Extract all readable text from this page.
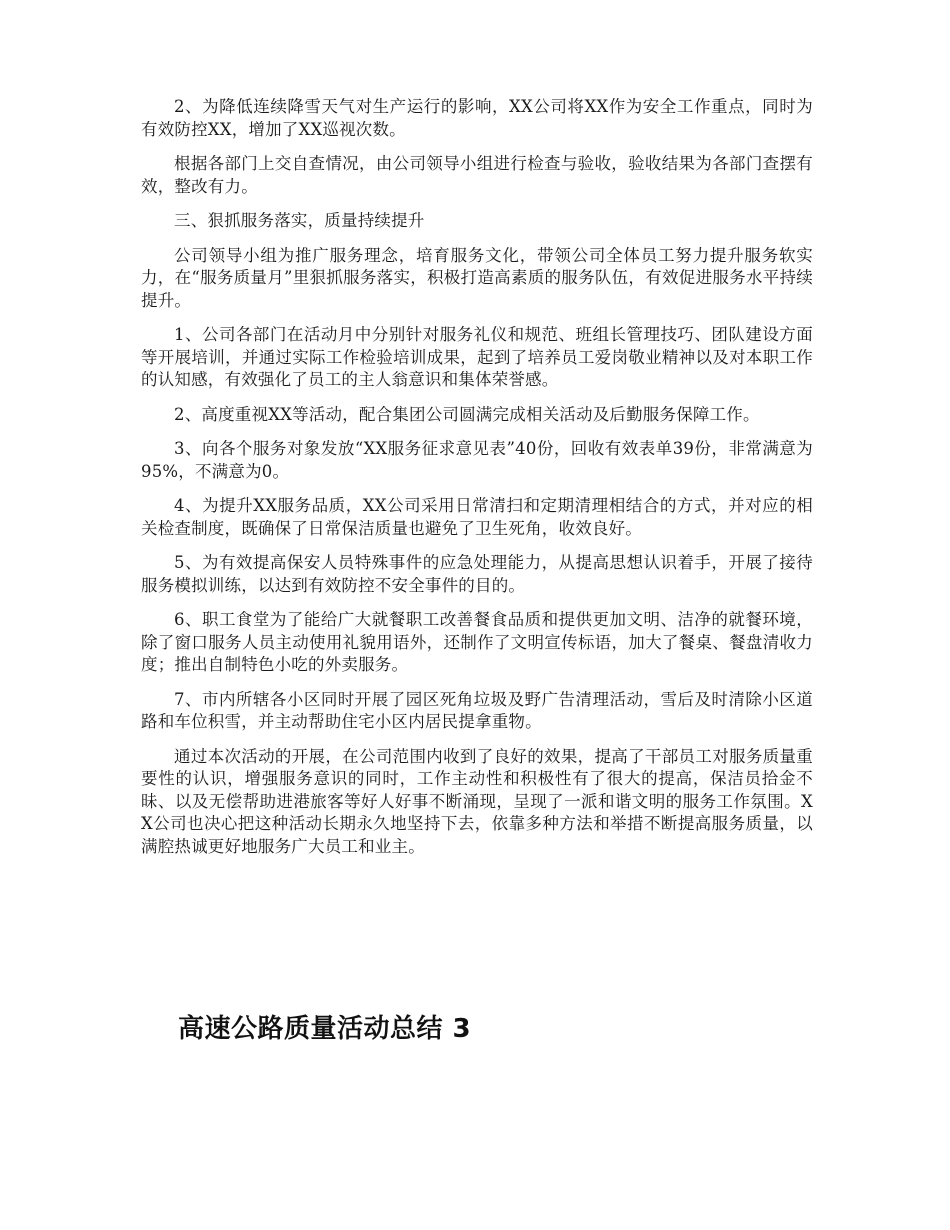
2、为降低连续降雪天气对生产运行的影响，XX公司将XX作为安全工作重点，同时为有效防控XX，增加了XX巡视次数。

根据各部门上交自查情况，由公司领导小组进行检查与验收，验收结果为各部门查摆有效，整改有力。

三、狠抓服务落实，质量持续提升

公司领导小组为推广服务理念，培育服务文化，带领公司全体员工努力提升服务软实力，在“服务质量月”里狠抓服务落实，积极打造高素质的服务队伍，有效促进服务水平持续提升。

1、公司各部门在活动月中分别针对服务礼仪和规范、班组长管理技巧、团队建设方面等开展培训，并通过实际工作检验培训成果，起到了培养员工爱岗敬业精神以及对本职工作的认知感，有效强化了员工的主人翁意识和集体荣誉感。

2、高度重视XX等活动，配合集团公司圆满完成相关活动及后勤服务保障工作。

3、向各个服务对象发放“XX服务征求意见表”40份，回收有效表单39份，非常满意为95%，不满意为0。

4、为提升XX服务品质，XX公司采用日常清扫和定期清理相结合的方式，并对应的相关检查制度，既确保了日常保洁质量也避免了卫生死角，收效良好。

5、为有效提高保安人员特殊事件的应急处理能力，从提高思想认识着手，开展了接待服务模拟训练，以达到有效防控不安全事件的目的。

6、职工食堂为了能给广大就餐职工改善餐食品质和提供更加文明、洁净的就餐环境，除了窗口服务人员主动使用礼貌用语外，还制作了文明宣传标语，加大了餐桌、餐盘清收力度；推出自制特色小吃的外卖服务。

7、市内所辖各小区同时开展了园区死角垃圾及野广告清理活动，雪后及时清除小区道路和车位积雪，并主动帮助住宅小区内居民提拿重物。

通过本次活动的开展，在公司范围内收到了良好的效果，提高了干部员工对服务质量重要性的认识，增强服务意识的同时，工作主动性和积极性有了很大的提高，保洁员拾金不昧、以及无偿帮助进港旅客等好人好事不断涌现，呈现了一派和谐文明的服务工作氛围。XX公司也决心把这种活动长期永久地坚持下去，依靠多种方法和举措不断提高服务质量，以满腔热诚更好地服务广大员工和业主。

高速公路质量活动总结 3
